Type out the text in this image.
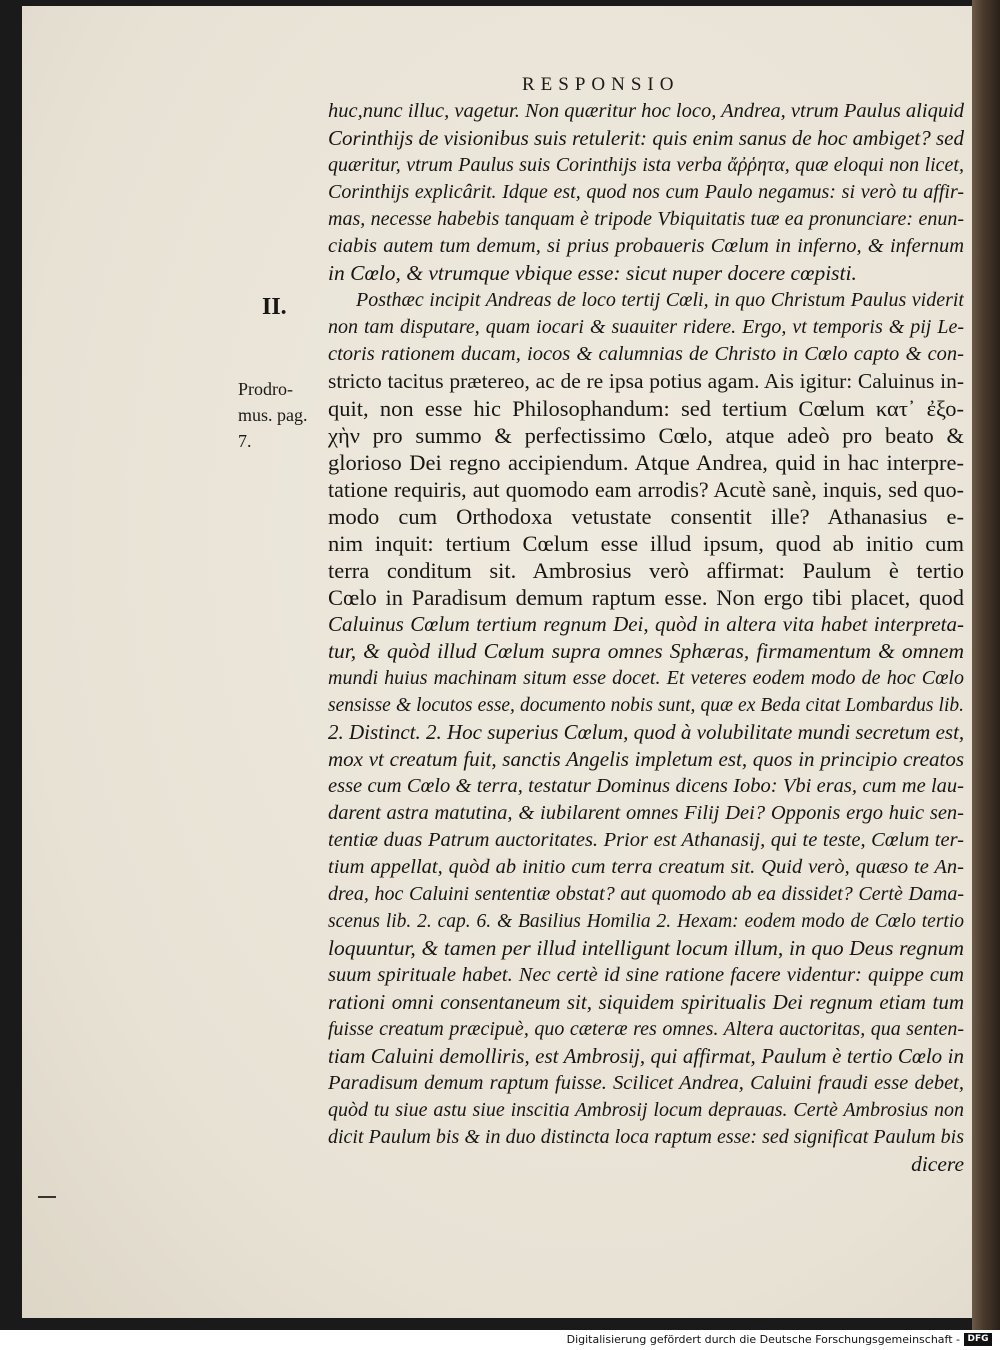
RESPONSIO
II.
Prodro-
mus. pag.
7.
huc,nunc illuc, vagetur. Non quæritur hoc loco, Andrea, vtrum Paulus aliquid
Corinthijs de visionibus suis retulerit: quis enim sanus de hoc ambiget? sed
quæritur, vtrum Paulus suis Corinthijs ista verba ἄῤῥητα, quæ eloqui non licet,
Corinthijs explicârit. Idque est, quod nos cum Paulo negamus: si verò tu affir-
mas, necesse habebis tanquam è tripode Vbiquitatis tuæ ea pronunciare: enun-
ciabis autem tum demum, si prius probaueris Cœlum in inferno, & infernum
in Cœlo, & vtrumque vbique esse: sicut nuper docere cœpisti.
Posthæc incipit Andreas de loco tertij Cœli, in quo Christum Paulus viderit
non tam disputare, quam iocari & suauiter ridere. Ergo, vt temporis & pij Le-
ctoris rationem ducam, iocos & calumnias de Christo in Cœlo capto & con-
stricto tacitus prætereo, ac de re ipsa potius agam. Ais igitur: Caluinus in-
quit, non esse hic Philosophandum: sed tertium Cœlum κατ᾽ ἐξο-
χὴν pro summo & perfectissimo Cœlo, atque adeò pro beato &
glorioso Dei regno accipiendum. Atque Andrea, quid in hac interpre-
tatione requiris, aut quomodo eam arrodis? Acutè sanè, inquis, sed quo-
modo cum Orthodoxa vetustate consentit ille? Athanasius e-
nim inquit: tertium Cœlum esse illud ipsum, quod ab initio cum
terra conditum sit. Ambrosius verò affirmat: Paulum è tertio
Cœlo in Paradisum demum raptum esse. Non ergo tibi placet, quod
Caluinus Cœlum tertium regnum Dei, quòd in altera vita habet interpreta-
tur, & quòd illud Cœlum supra omnes Sphæras, firmamentum & omnem
mundi huius machinam situm esse docet. Et veteres eodem modo de hoc Cœlo
sensisse & locutos esse, documento nobis sunt, quæ ex Beda citat Lombardus lib.
2. Distinct. 2. Hoc superius Cœlum, quod à volubilitate mundi secretum est,
mox vt creatum fuit, sanctis Angelis impletum est, quos in principio creatos
esse cum Cœlo & terra, testatur Dominus dicens Iobo: Vbi eras, cum me lau-
darent astra matutina, & iubilarent omnes Filij Dei? Opponis ergo huic sen-
tentiæ duas Patrum auctoritates. Prior est Athanasij, qui te teste, Cœlum ter-
tium appellat, quòd ab initio cum terra creatum sit. Quid verò, quæso te An-
drea, hoc Caluini sententiæ obstat? aut quomodo ab ea dissidet? Certè Dama-
scenus lib. 2. cap. 6. & Basilius Homilia 2. Hexam: eodem modo de Cœlo tertio
loquuntur, & tamen per illud intelligunt locum illum, in quo Deus regnum
suum spirituale habet. Nec certè id sine ratione facere videntur: quippe cum
rationi omni consentaneum sit, siquidem spiritualis Dei regnum etiam tum
fuisse creatum præcipuè, quo cæteræ res omnes. Altera auctoritas, qua senten-
tiam Caluini demolliris, est Ambrosij, qui affirmat, Paulum è tertio Cœlo in
Paradisum demum raptum fuisse. Scilicet Andrea, Caluini fraudi esse debet,
quòd tu siue astu siue inscitia Ambrosij locum deprauas. Certè Ambrosius non
dicit Paulum bis & in duo distincta loca raptum esse: sed significat Paulum bis
dicere
Digitalisierung gefördert durch die Deutsche Forschungsgemeinschaft - DFG
